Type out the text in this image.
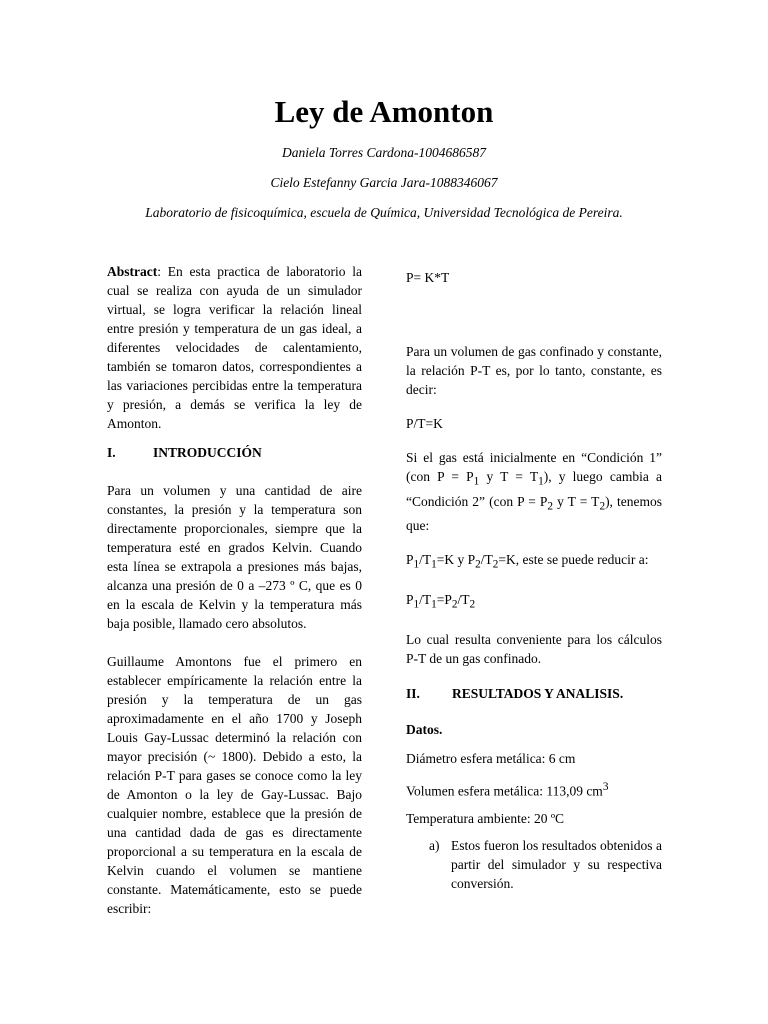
Ley de Amonton
Daniela Torres Cardona-1004686587
Cielo Estefanny Garcia Jara-1088346067
Laboratorio de fisicoquímica, escuela de Química, Universidad Tecnológica de Pereira.

Abstract: En esta practica de laboratorio la cual se realiza con ayuda de un simulador virtual, se logra verificar la relación lineal entre presión y temperatura de un gas ideal, a diferentes velocidades de calentamiento, también se tomaron datos, correspondientes a las variaciones percibidas entre la temperatura y presión, a demás se verifica la ley de Amonton.

I.	INTRODUCCIÓN

Para un volumen y una cantidad de aire constantes, la presión y la temperatura son directamente proporcionales, siempre que la temperatura esté en grados Kelvin. Cuando esta línea se extrapola a presiones más bajas, alcanza una presión de 0 a –273 º C, que es 0 en la escala de Kelvin y la temperatura más baja posible, llamado cero absolutos.

Guillaume Amontons fue el primero en establecer empíricamente la relación entre la presión y la temperatura de un gas aproximadamente en el año 1700 y Joseph Louis Gay-Lussac determinó la relación con mayor precisión (~ 1800). Debido a esto, la relación P-T para gases se conoce como la ley de Amonton o la ley de Gay-Lussac. Bajo cualquier nombre, establece que la presión de una cantidad dada de gas es directamente proporcional a su temperatura en la escala de Kelvin cuando el volumen se mantiene constante. Matemáticamente, esto se puede escribir:

P= K*T

Para un volumen de gas confinado y constante, la relación P-T es, por lo tanto, constante, es decir:

P/T=K

Si el gas está inicialmente en “Condición 1” (con $P = P_1$ y $T = T_1$), y luego cambia a “Condición 2” (con $P = P_2$ y $T = T_2$), tenemos que:

$P_1/T_1=K$ y $P_2/T_2=K$, este se puede reducir a:

$P_1/T_1=P_2/T_2$

Lo cual resulta conveniente para los cálculos P-T de un gas confinado.

II.	RESULTADOS Y ANALISIS.

Datos.

Diámetro esfera metálica: 6 cm

Volumen esfera metálica: 113,09 $cm^3$

Temperatura ambiente: 20 ºC

a) Estos fueron los resultados obtenidos a partir del simulador y su respectiva conversión.
